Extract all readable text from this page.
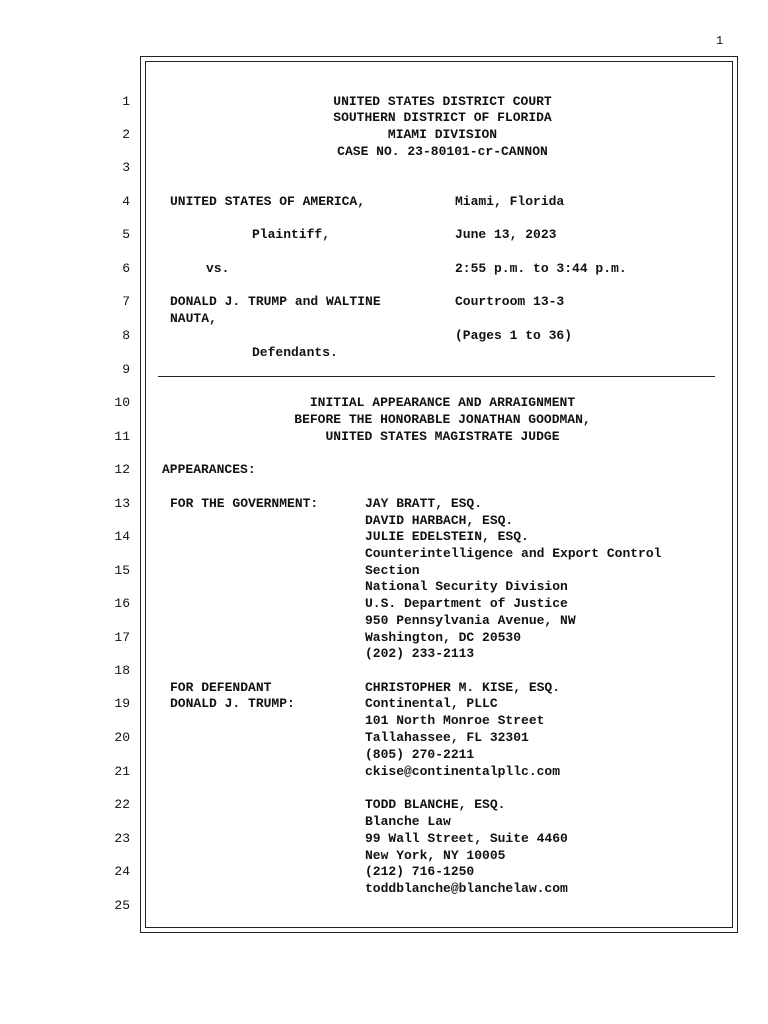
1
1
2
3
4
5
6
7
8
9
10
11
12
13
14
15
16
17
18
19
20
21
22
23
24
25
UNITED STATES DISTRICT COURT
SOUTHERN DISTRICT OF FLORIDA
MIAMI DIVISION
CASE NO. 23-80101-cr-CANNON
UNITED STATES OF AMERICA,
Plaintiff,
vs.
DONALD J. TRUMP and WALTINE
NAUTA,
Defendants.
Miami, Florida
June 13, 2023
2:55 p.m. to 3:44 p.m.
Courtroom 13-3
(Pages 1 to 36)
INITIAL APPEARANCE AND ARRAIGNMENT
BEFORE THE HONORABLE JONATHAN GOODMAN,
UNITED STATES MAGISTRATE JUDGE
APPEARANCES:
FOR THE GOVERNMENT:	JAY BRATT, ESQ.
DAVID HARBACH, ESQ.
JULIE EDELSTEIN, ESQ.
Counterintelligence and Export Control
Section
National Security Division
U.S. Department of Justice
950 Pennsylvania Avenue, NW
Washington, DC 20530
(202) 233-2113
FOR DEFENDANT
DONALD J. TRUMP:
CHRISTOPHER M. KISE, ESQ.
Continental, PLLC
101 North Monroe Street
Tallahassee, FL 32301
(805) 270-2211
ckise@continentalpllc.com
TODD BLANCHE, ESQ.
Blanche Law
99 Wall Street, Suite 4460
New York, NY 10005
(212) 716-1250
toddblanche@blanchelaw.com
